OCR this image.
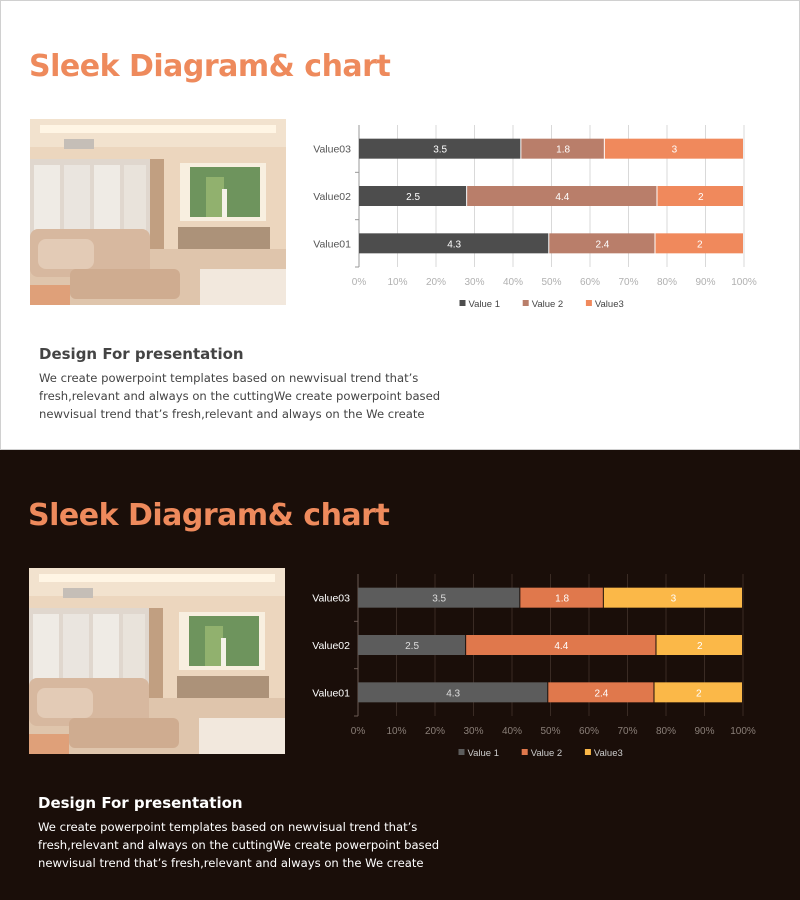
Sleek Diagram& chart
0% 10% 20% 30% 40% 50% 60% 70% 80% 90% 100%
Value01	4.3	2.4	2
Value02	2.5	4.4	2
Value03	3.5	1.8	3
Value 1	Value 2	Value3
Design For presentation
We create powerpoint templates based on newvisual trend that’s
fresh,relevant and always on the cuttingWe create powerpoint based
newvisual trend that’s fresh,relevant and always on the We create
Sleek Diagram& chart
0% 10% 20% 30% 40% 50% 60% 70% 80% 90% 100%
Value01	4.3	2.4	2
Value02	2.5	4.4	2
Value03	3.5	1.8	3
Value 1	Value 2	Value3
Design For presentation
We create powerpoint templates based on newvisual trend that’s
fresh,relevant and always on the cuttingWe create powerpoint based
newvisual trend that’s fresh,relevant and always on the We create
